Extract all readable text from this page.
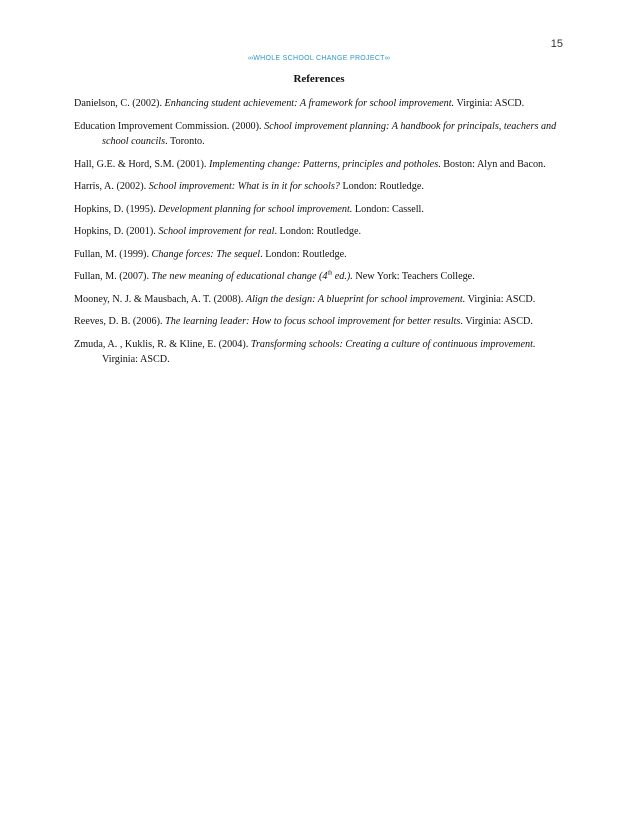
15
∞WHOLE SCHOOL CHANGE PROJECT∞
References

Danielson, C. (2002). Enhancing student achievement: A framework for school improvement. Virginia: ASCD.

Education Improvement Commission. (2000). School improvement planning: A handbook for principals, teachers and school councils. Toronto.

Hall, G.E. & Hord, S.M. (2001). Implementing change: Patterns, principles and potholes. Boston: Alyn and Bacon.

Harris, A. (2002). School improvement: What is in it for schools? London: Routledge.

Hopkins, D. (1995). Development planning for school improvement. London: Cassell.

Hopkins, D. (2001). School improvement for real. London: Routledge.

Fullan, M. (1999). Change forces: The sequel. London: Routledge.

Fullan, M. (2007). The new meaning of educational change (4th ed.). New York: Teachers College.

Mooney, N. J. & Mausbach, A. T. (2008). Align the design: A blueprint for school improvement. Virginia: ASCD.

Reeves, D. B. (2006). The learning leader: How to focus school improvement for better results. Virginia: ASCD.

Zmuda, A. , Kuklis, R. & Kline, E. (2004). Transforming schools: Creating a culture of continuous improvement. Virginia: ASCD.
